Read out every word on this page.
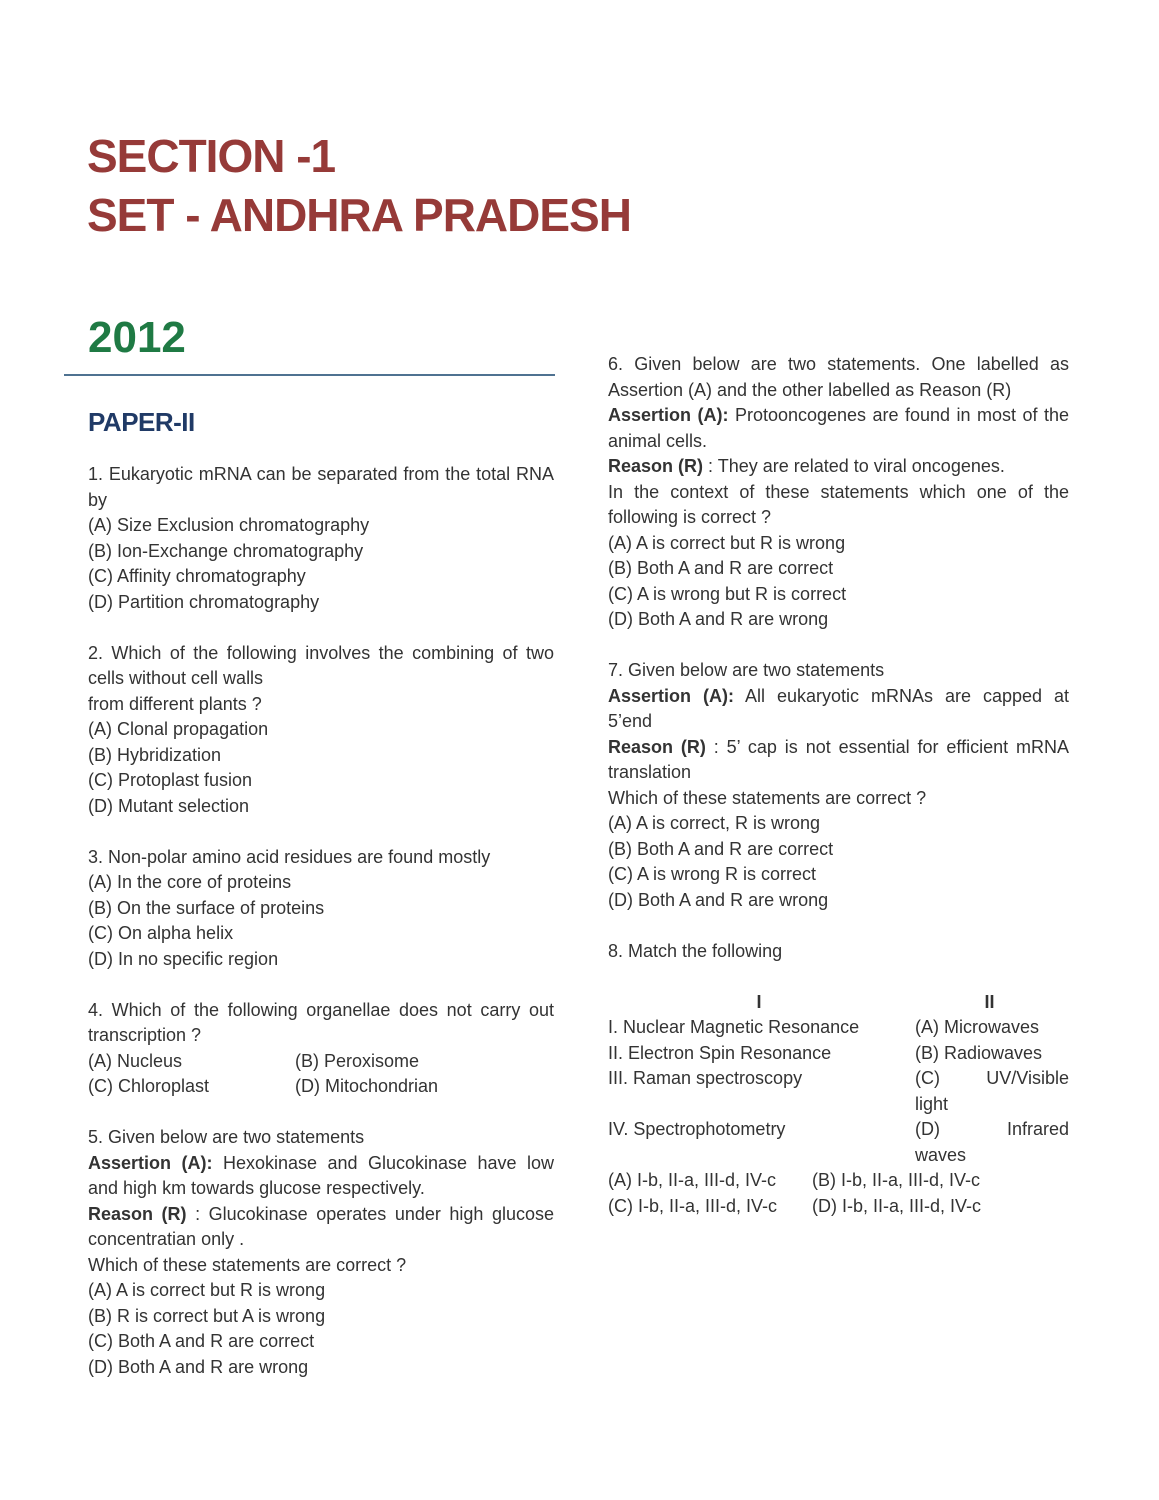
SECTION -1
SET - ANDHRA PRADESH
2012
PAPER-II
1. Eukaryotic mRNA can be separated from the total RNA by
(A) Size Exclusion chromatography
(B) Ion-Exchange chromatography
(C) Affinity chromatography
(D) Partition chromatography
2. Which of the following involves the combining of two cells without cell walls
from different plants ?
(A) Clonal propagation
(B) Hybridization
(C) Protoplast fusion
(D) Mutant selection
3. Non-polar amino acid residues are found mostly
(A) In the core of proteins
(B) On the surface of proteins
(C) On alpha helix
(D) In no specific region
4. Which of the following organellae does not carry out transcription ?
(A) Nucleus	(B) Peroxisome
(C) Chloroplast	(D) Mitochondrian
5. Given below are two statements
Assertion (A): Hexokinase and Glucokinase have low and high km towards glucose respectively.
Reason (R) : Glucokinase operates under high glucose concentratian only .
Which of these statements are correct ?
(A) A is correct but R is wrong
(B) R is correct but A is wrong
(C) Both A and R are correct
(D) Both A and R are wrong
6. Given below are two statements. One labelled as Assertion (A) and the other labelled as Reason (R)
Assertion (A): Protooncogenes are found in most of the animal cells.
Reason (R) : They are related to viral oncogenes.
In the context of these statements which one of the following is correct ?
(A) A is correct but R is wrong
(B) Both A and R are correct
(C) A is wrong but R is correct
(D) Both A and R are wrong
7. Given below are two statements
Assertion (A): All eukaryotic mRNAs are capped at 5’end
Reason (R) : 5’ cap is not essential for efficient mRNA translation
Which of these statements are correct ?
(A) A is correct, R is wrong
(B) Both A and R are correct
(C) A is wrong R is correct
(D) Both A and R are wrong
8. Match the following
I	II
I. Nuclear Magnetic Resonance	(A) Microwaves
II. Electron Spin Resonance	(B) Radiowaves
III. Raman spectroscopy	(C)	UV/Visible
light
IV. Spectrophotometry	(D)	Infrared
waves
(A) I-b, II-a, III-d, IV-c	(B) I-b, II-a, III-d, IV-c
(C) I-b, II-a, III-d, IV-c	(D) I-b, II-a, III-d, IV-c
